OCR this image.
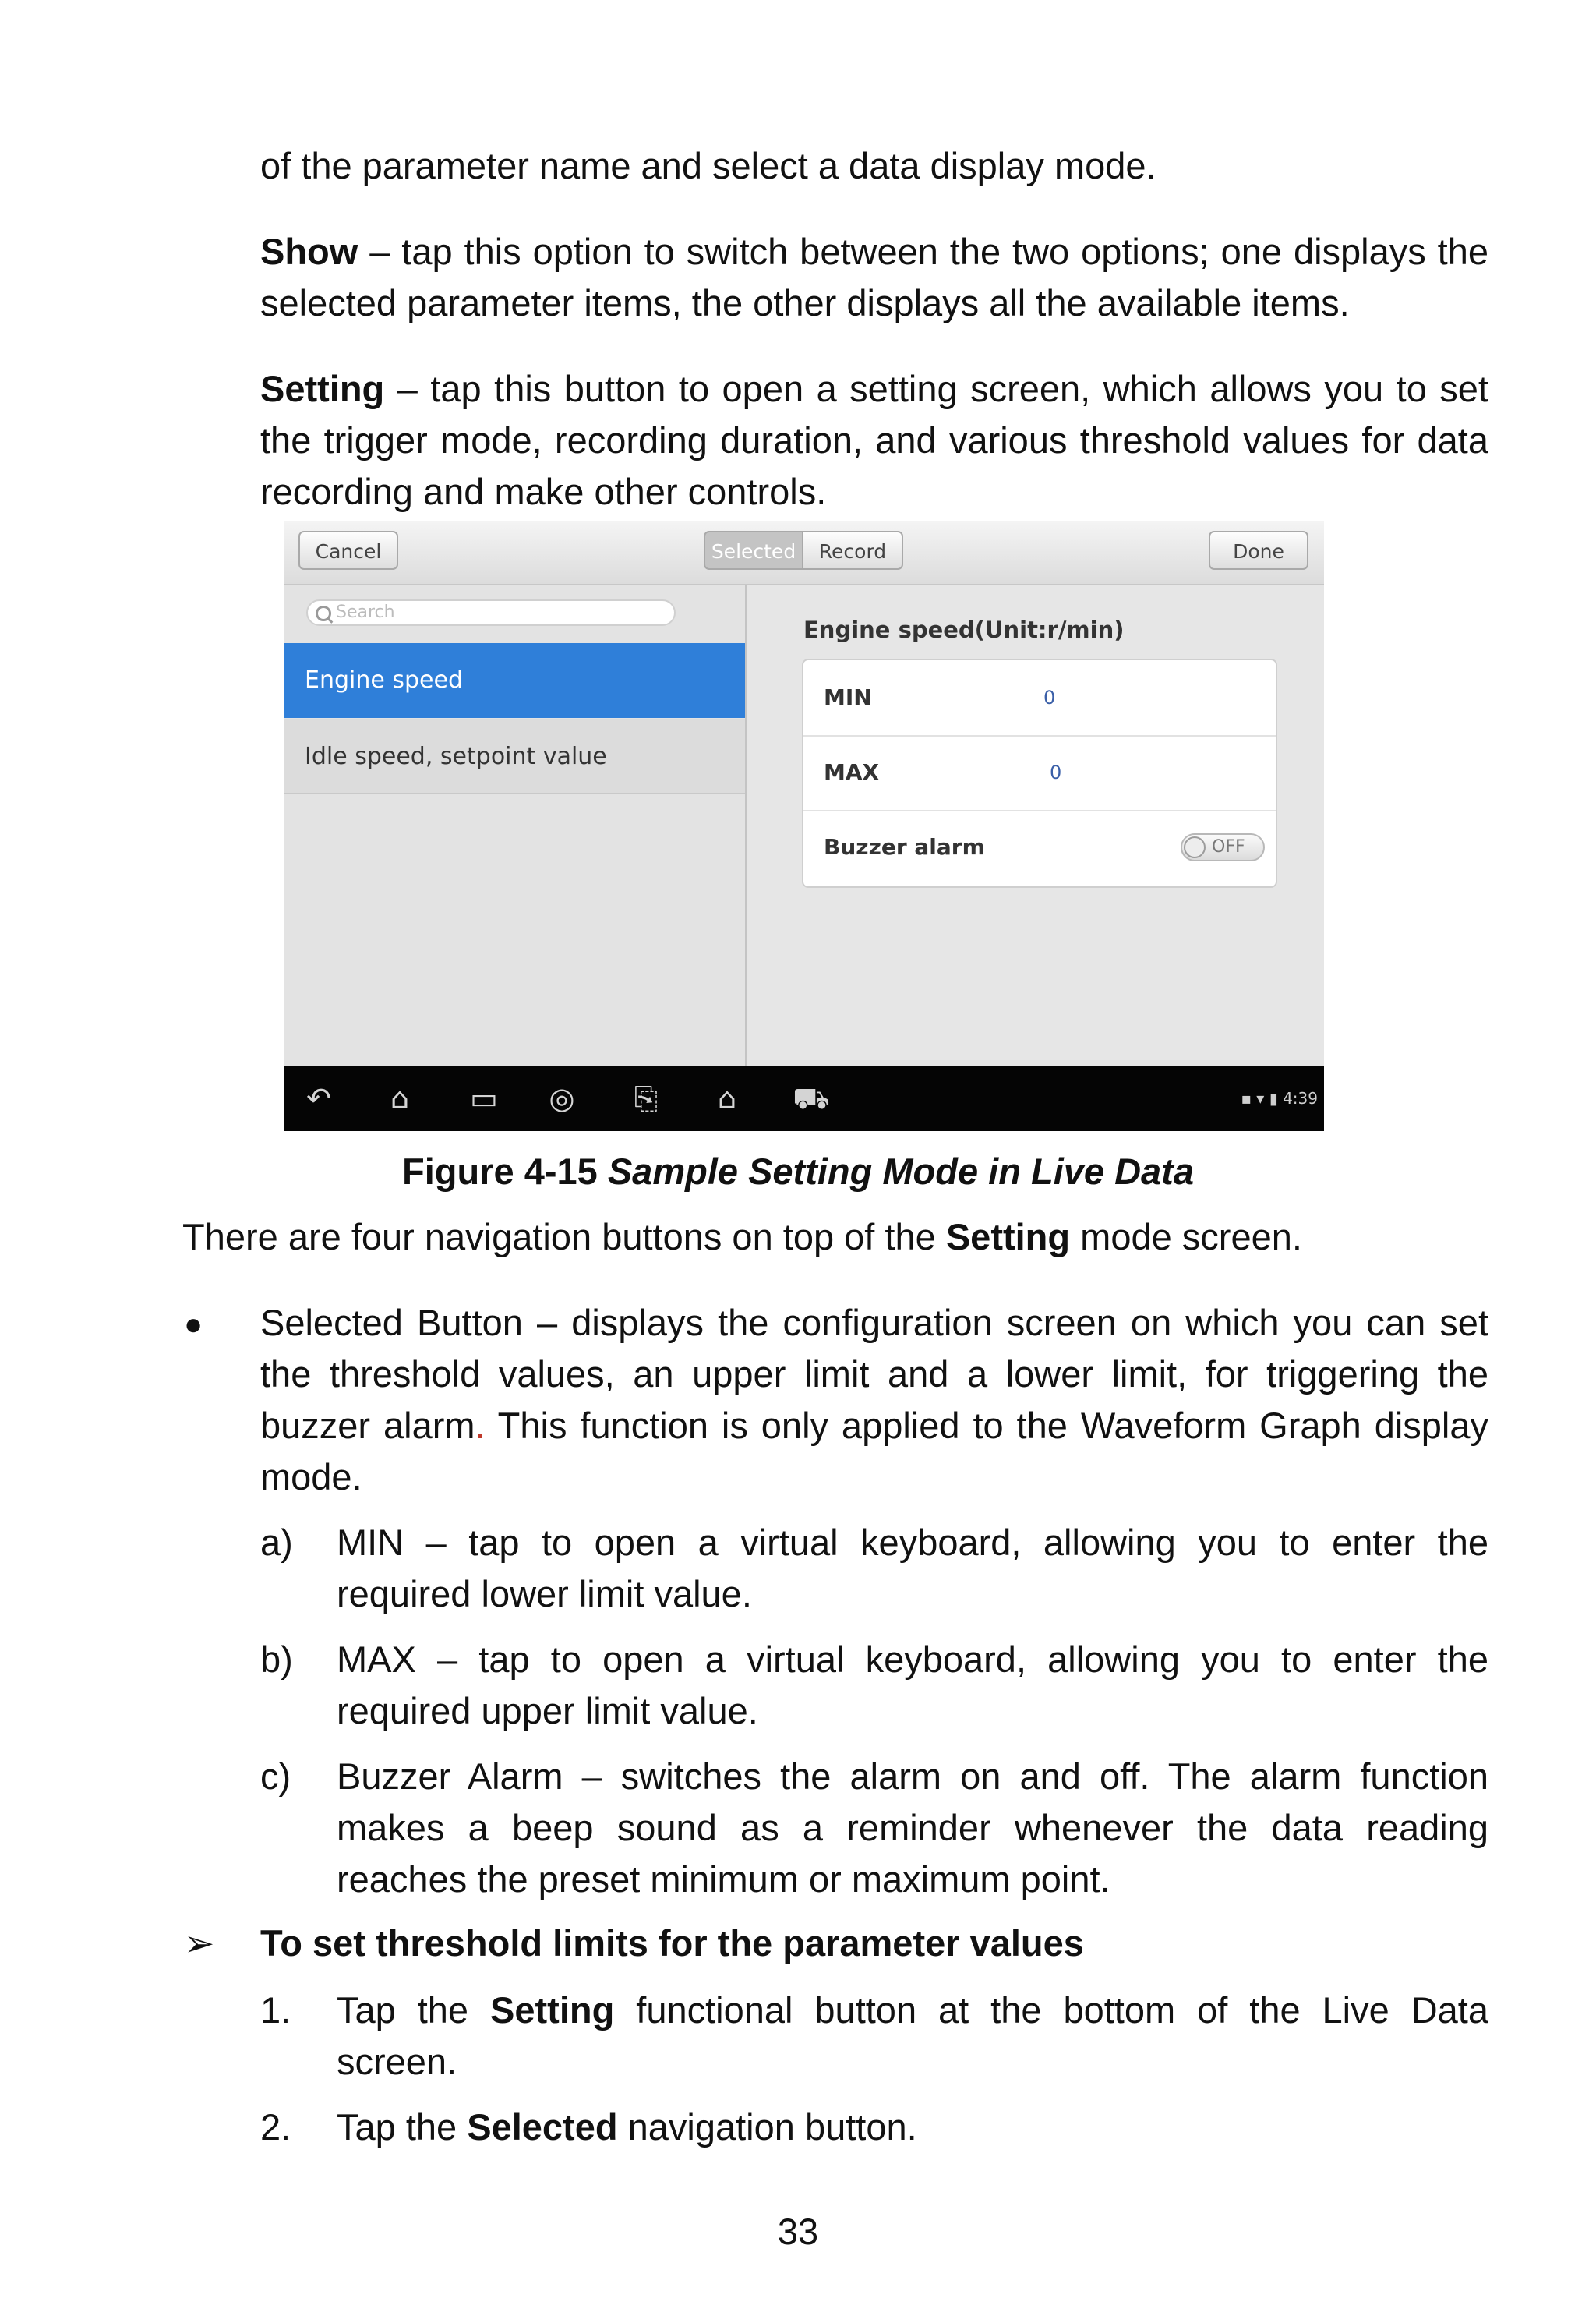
of the parameter name and select a data display mode.
Show – tap this option to switch between the two options; one displays the selected parameter items, the other displays all the available items.
Setting – tap this button to open a setting screen, which allows you to set the trigger mode, recording duration, and various threshold values for data recording and make other controls.
Cancel	Selected	Record	Done
Search
Engine speed
Idle speed, setpoint value
Engine speed(Unit:r/min)
MIN	0
MAX	0
Buzzer alarm	OFF
↶	⌂	▭	◎	⎘	⌂	⛟	▪ ▾ ▮ 4:39
Figure 4-15 Sample Setting Mode in Live Data
There are four navigation buttons on top of the Setting mode screen.
● Selected Button – displays the configuration screen on which you can set the threshold values, an upper limit and a lower limit, for triggering the buzzer alarm. This function is only applied to the Waveform Graph display mode.
a) MIN – tap to open a virtual keyboard, allowing you to enter the required lower limit value.
b) MAX – tap to open a virtual keyboard, allowing you to enter the required upper limit value.
c) Buzzer Alarm – switches the alarm on and off. The alarm function makes a beep sound as a reminder whenever the data reading reaches the preset minimum or maximum point.
➢ To set threshold limits for the parameter values
1. Tap the Setting functional button at the bottom of the Live Data screen.
2. Tap the Selected navigation button.
33
